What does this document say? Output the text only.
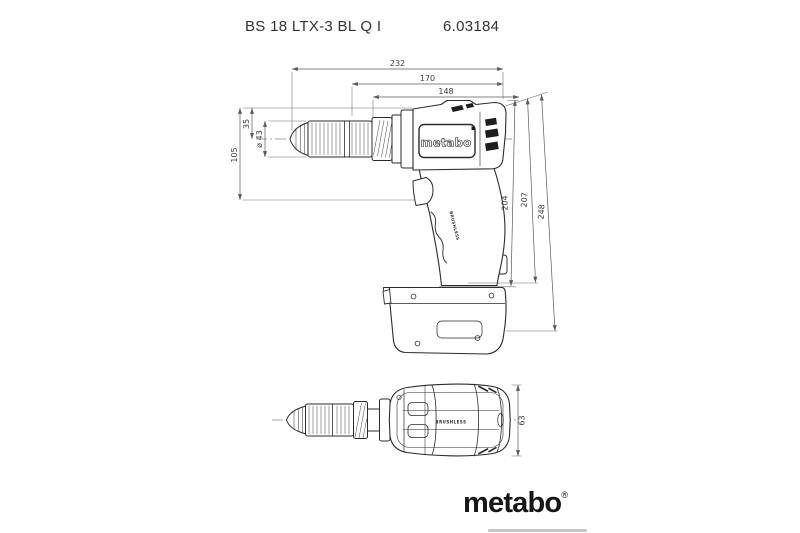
BS 18 LTX-3 BL Q I	6.03184
BRUSHLESS
metabo
232
170
148
35
ø 43
105
204 207
248
BRUSHLESS	63
metabo®
